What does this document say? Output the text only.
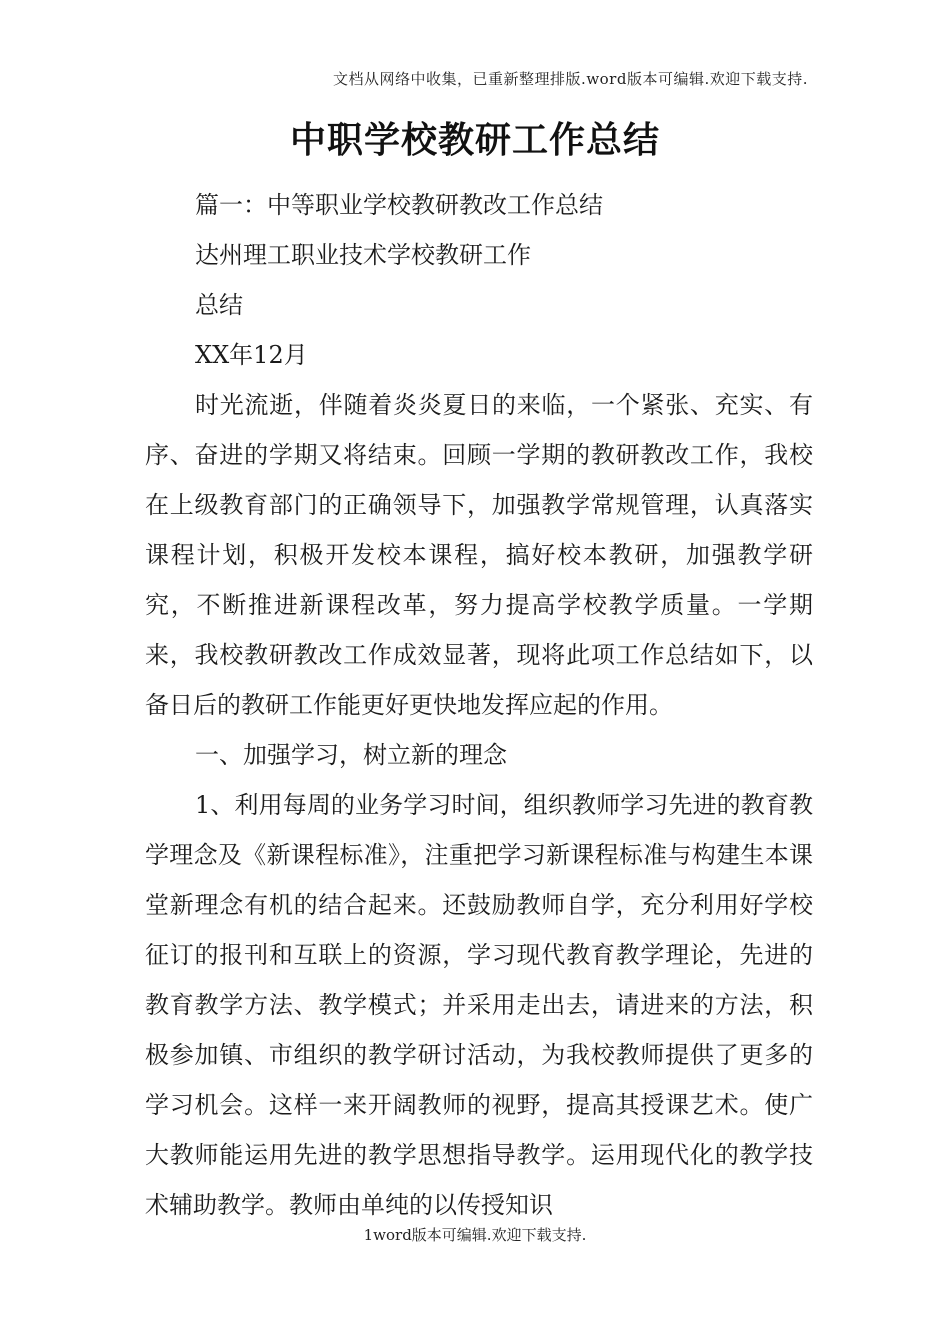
文档从网络中收集，已重新整理排版.word版本可编辑.欢迎下载支持.
中职学校教研工作总结

篇一：中等职业学校教研教改工作总结

达州理工职业技术学校教研工作

总结

XX年12月

时光流逝，伴随着炎炎夏日的来临，一个紧张、充实、有序、奋进的学期又将结束。回顾一学期的教研教改工作，我校在上级教育部门的正确领导下，加强教学常规管理，认真落实课程计划，积极开发校本课程，搞好校本教研，加强教学研究，不断推进新课程改革，努力提高学校教学质量。一学期来，我校教研教改工作成效显著，现将此项工作总结如下，以备日后的教研工作能更好更快地发挥应起的作用。

一、加强学习，树立新的理念

1、利用每周的业务学习时间，组织教师学习先进的教育教学理念及《新课程标准》，注重把学习新课程标准与构建生本课堂新理念有机的结合起来。还鼓励教师自学，充分利用好学校征订的报刊和互联上的资源，学习现代教育教学理论，先进的教育教学方法、教学模式；并采用走出去，请进来的方法，积极参加镇、市组织的教学研讨活动，为我校教师提供了更多的学习机会。这样一来开阔教师的视野，提高其授课艺术。使广大教师能运用先进的教学思想指导教学。运用现代化的教学技术辅助教学。教师由单纯的以传授知识

1word版本可编辑.欢迎下载支持.
